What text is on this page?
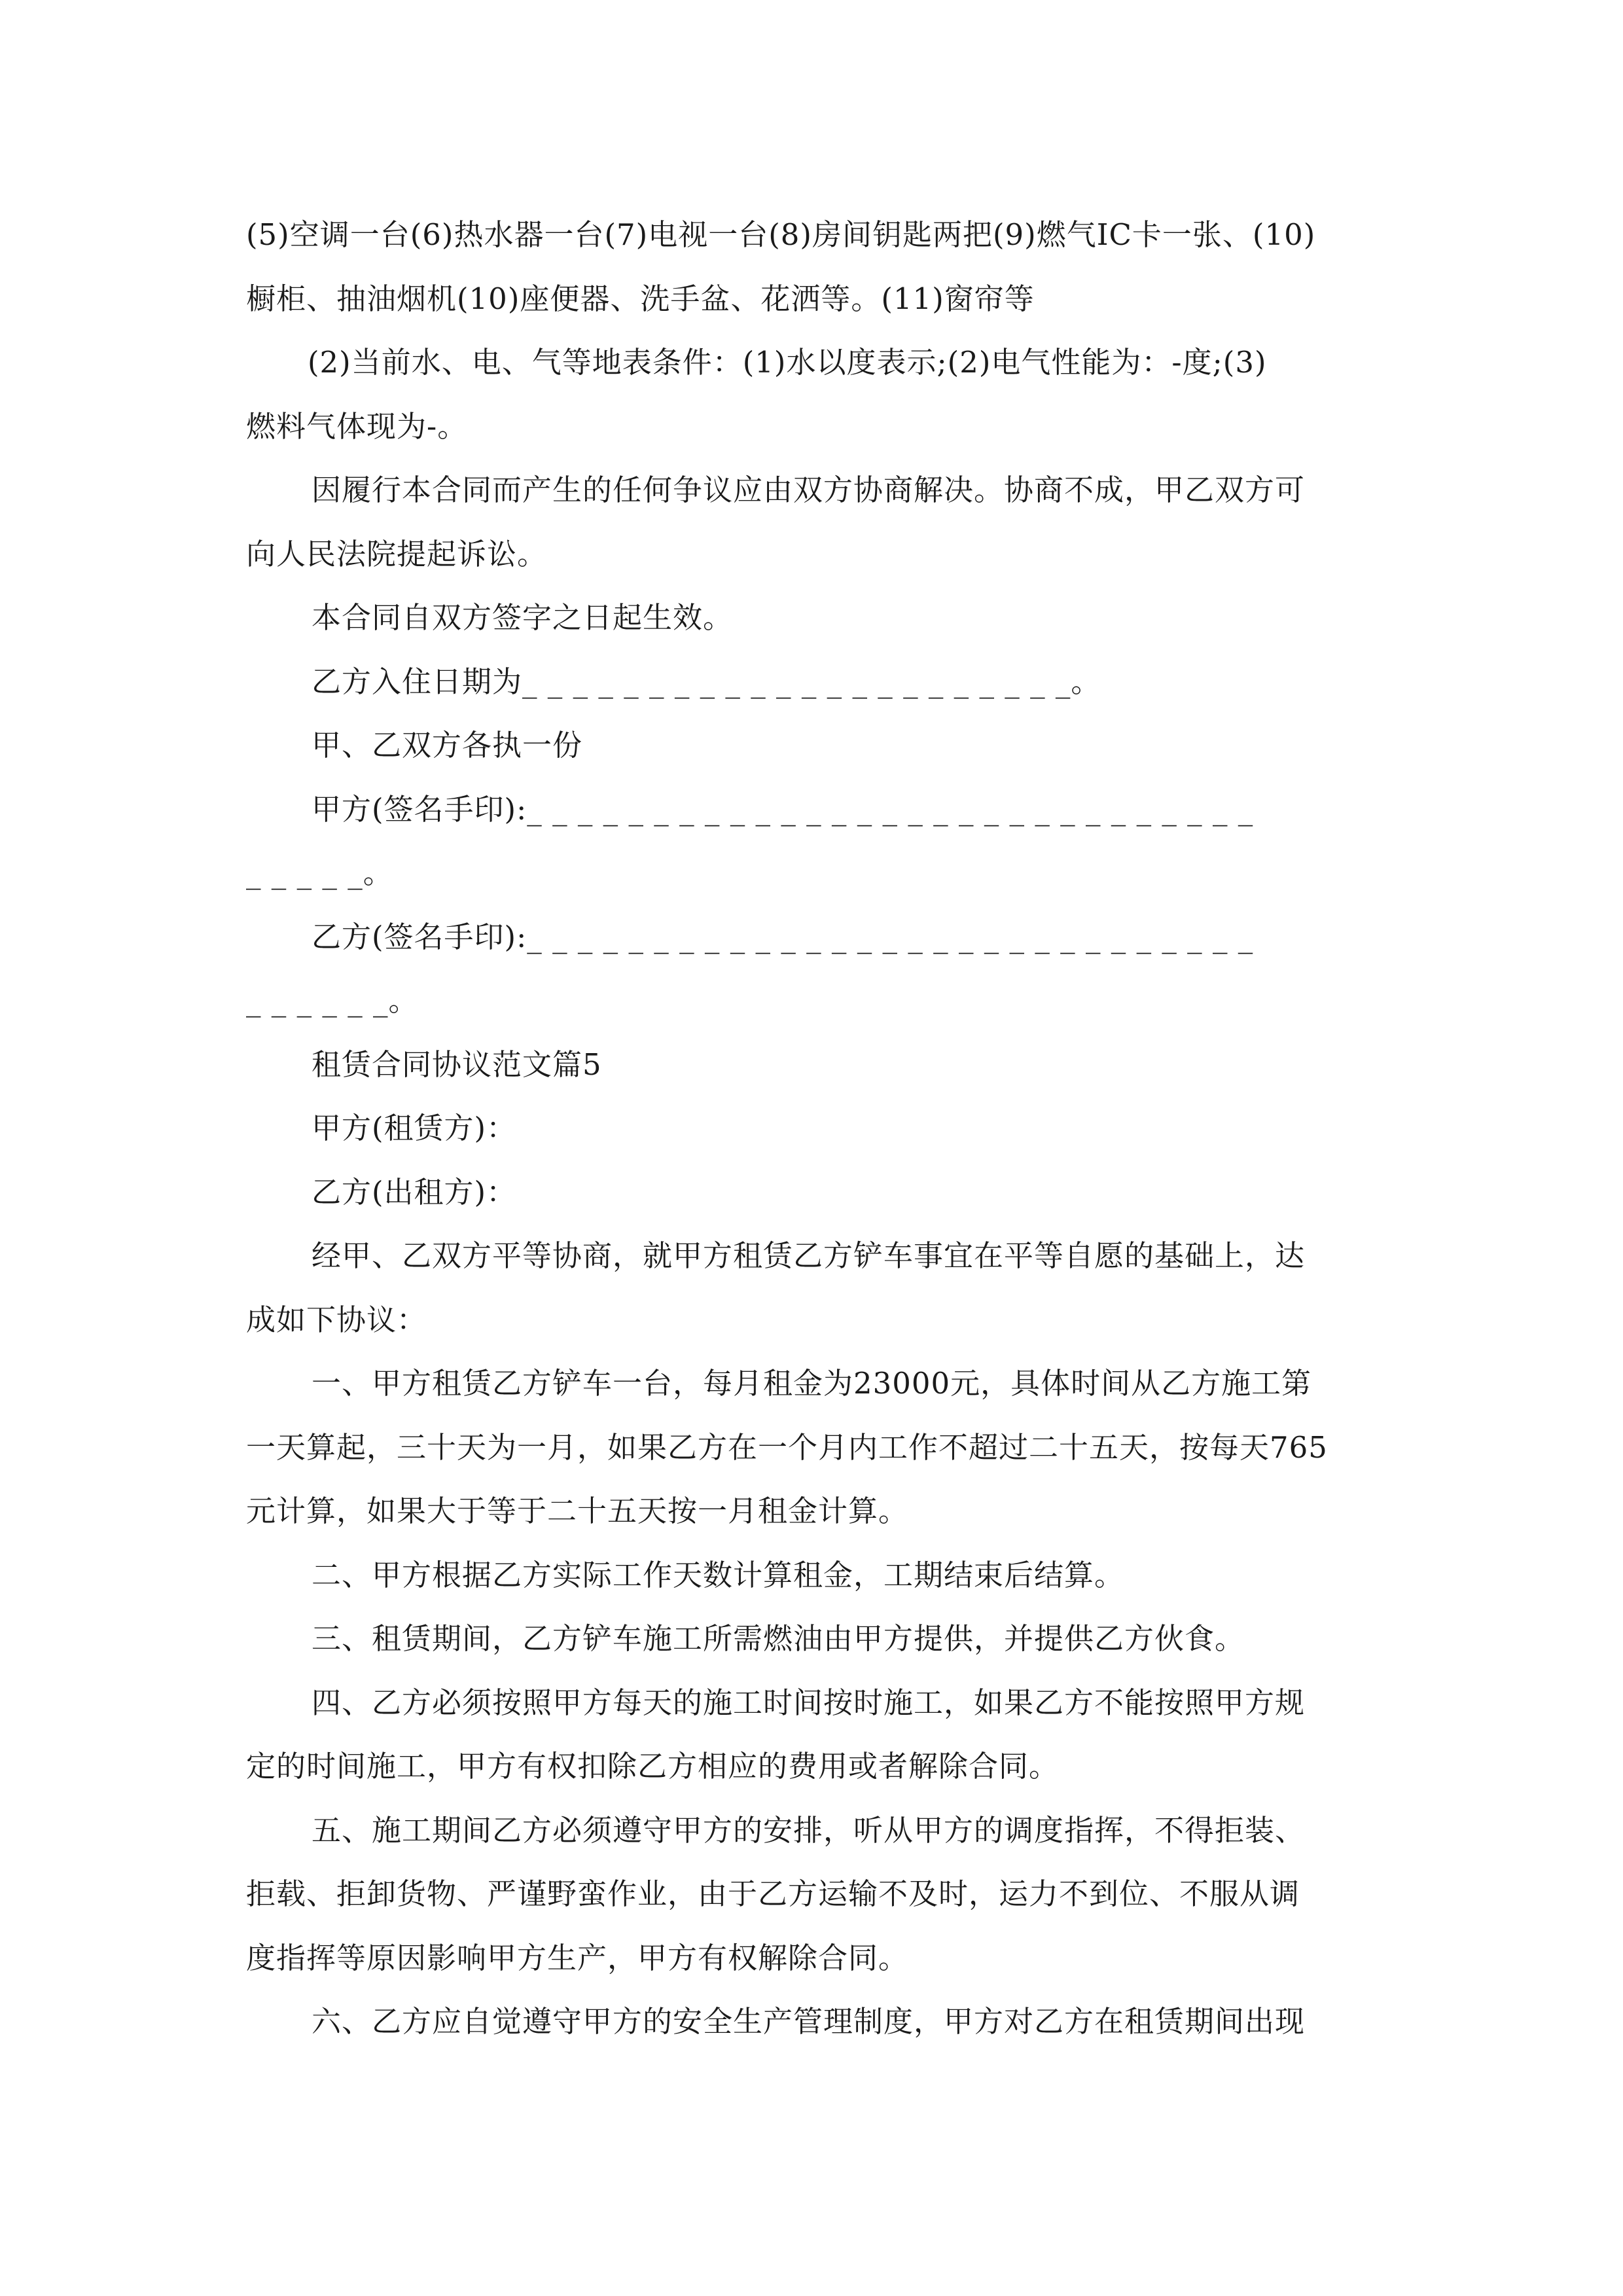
(5)空调一台(6)热水器一台(7)电视一台(8)房间钥匙两把(9)燃气IC卡一张、(10)
橱柜、抽油烟机(10)座便器、洗手盆、花洒等。(11)窗帘等
(2)当前水、电、气等地表条件：(1)水以度表示;(2)电气性能为：-度;(3)
燃料气体现为-。
因履行本合同而产生的任何争议应由双方协商解决。协商不成，甲乙双方可
向人民法院提起诉讼。
本合同自双方签字之日起生效。
乙方入住日期为_ _ _ _ _ _ _ _ _ _ _ _ _ _ _ _ _ _ _ _ _ _。
甲、乙双方各执一份
甲方(签名手印):_ _ _ _ _ _ _ _ _ _ _ _ _ _ _ _ _ _ _ _ _ _ _ _ _ _ _ _ _
_ _ _ _ _。
乙方(签名手印):_ _ _ _ _ _ _ _ _ _ _ _ _ _ _ _ _ _ _ _ _ _ _ _ _ _ _ _ _
_ _ _ _ _ _。
租赁合同协议范文篇5
甲方(租赁方)：
乙方(出租方)：
经甲、乙双方平等协商，就甲方租赁乙方铲车事宜在平等自愿的基础上，达
成如下协议：
一、甲方租赁乙方铲车一台，每月租金为23000元，具体时间从乙方施工第
一天算起，三十天为一月，如果乙方在一个月内工作不超过二十五天，按每天765
元计算，如果大于等于二十五天按一月租金计算。
二、甲方根据乙方实际工作天数计算租金，工期结束后结算。
三、租赁期间，乙方铲车施工所需燃油由甲方提供，并提供乙方伙食。
四、乙方必须按照甲方每天的施工时间按时施工，如果乙方不能按照甲方规
定的时间施工，甲方有权扣除乙方相应的费用或者解除合同。
五、施工期间乙方必须遵守甲方的安排，听从甲方的调度指挥，不得拒装、
拒载、拒卸货物、严谨野蛮作业，由于乙方运输不及时，运力不到位、不服从调
度指挥等原因影响甲方生产，甲方有权解除合同。
六、乙方应自觉遵守甲方的安全生产管理制度，甲方对乙方在租赁期间出现
